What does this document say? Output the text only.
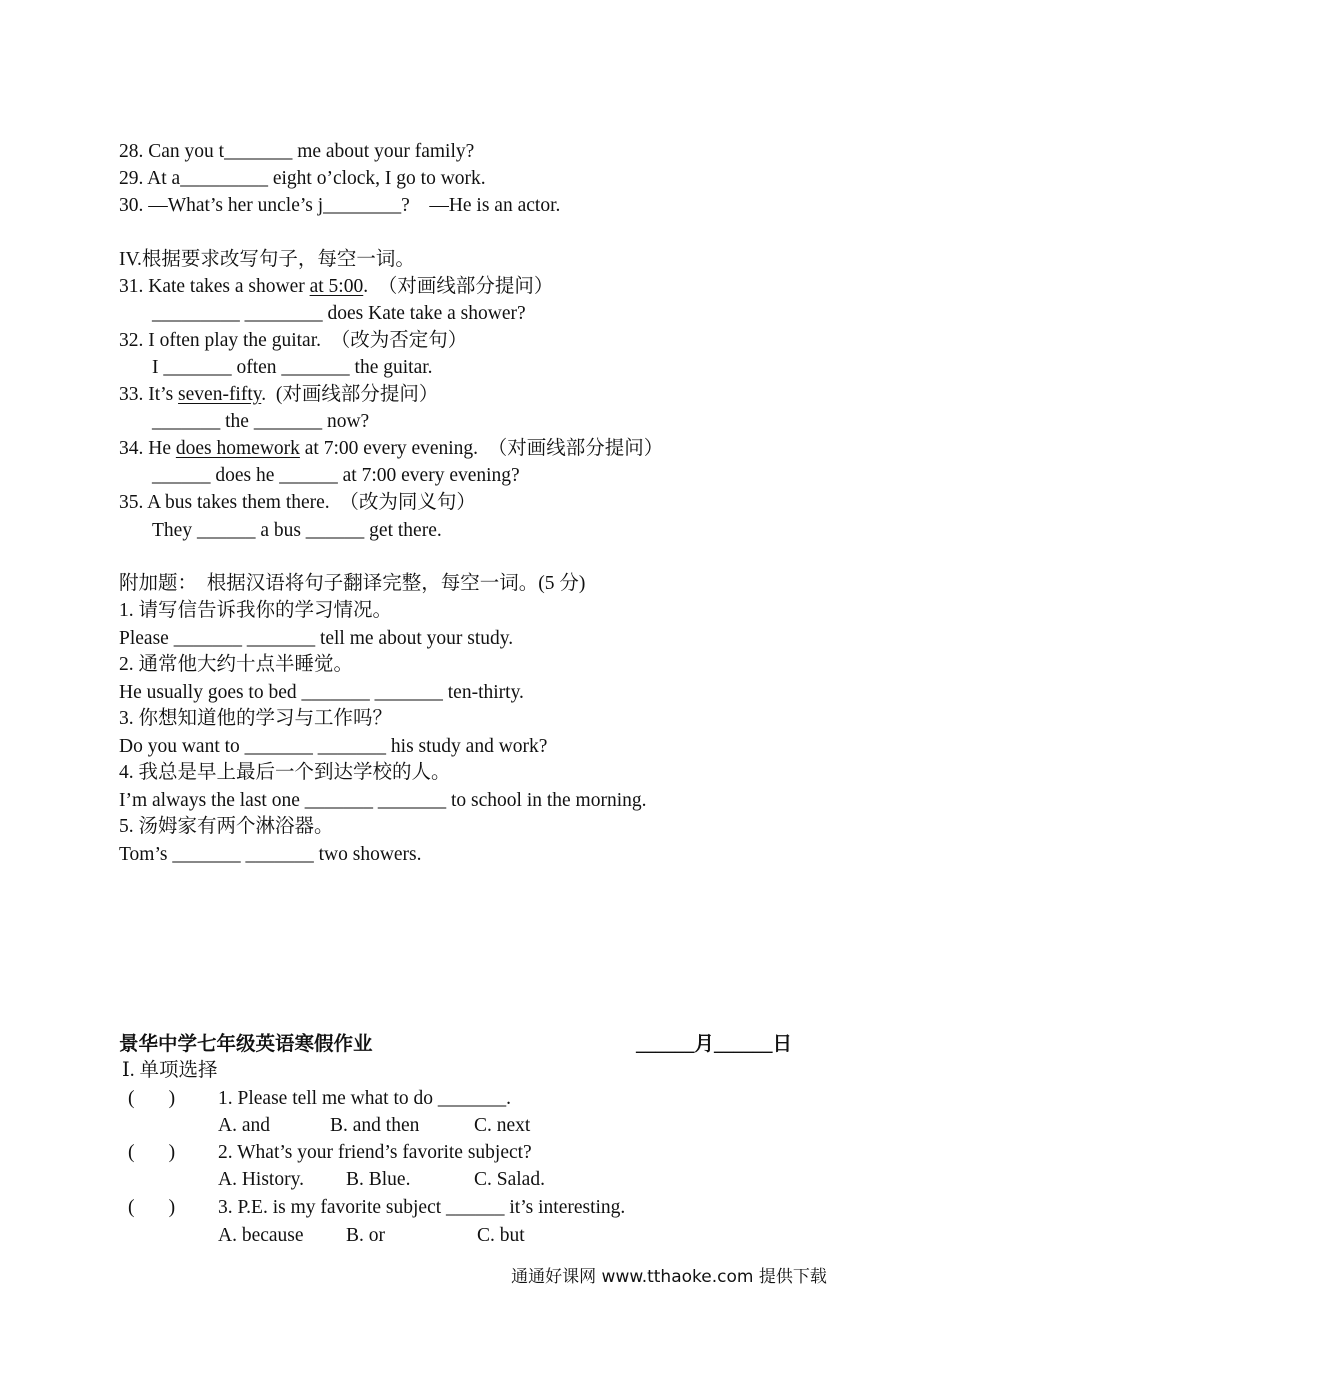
28. Can you t_______ me about your family?
29. At a_________ eight o’clock, I go to work.
30. —What’s her uncle’s j________?    —He is an actor.
IV.根据要求改写句子，每空一词。
31. Kate takes a shower at 5:00.  （对画线部分提问）
_________ ________ does Kate take a shower?
32. I often play the guitar.  （改为否定句）
I _______ often _______ the guitar.
33. It’s seven-fifty.  (对画线部分提问）
_______ the _______ now?
34. He does homework at 7:00 every evening.  （对画线部分提问）
______ does he ______ at 7:00 every evening?
35. A bus takes them there.  （改为同义句）
They ______ a bus ______ get there.
附加题：  根据汉语将句子翻译完整，每空一词。(5 分)
1. 请写信告诉我你的学习情况。
Please _______ _______ tell me about your study.
2. 通常他大约十点半睡觉。
He usually goes to bed _______ _______ ten-thirty.
3. 你想知道他的学习与工作吗？
Do you want to _______ _______ his study and work?
4. 我总是早上最后一个到达学校的人。
I’m always the last one _______ _______ to school in the morning.
5. 汤姆家有两个淋浴器。
Tom’s _______ _______ two showers.
景华中学七年级英语寒假作业	______月______日
Ⅰ. 单项选择
(       ) 1. Please tell me what to do _______.
A. and	B. and then	C. next
(       ) 2. What’s your friend’s favorite subject?
A. History. B. Blue.	C. Salad.
(       ) 3. P.E. is my favorite subject ______ it’s interesting.
A. because B. or	C. but
通通好课网 www.tthaoke.com 提供下载
